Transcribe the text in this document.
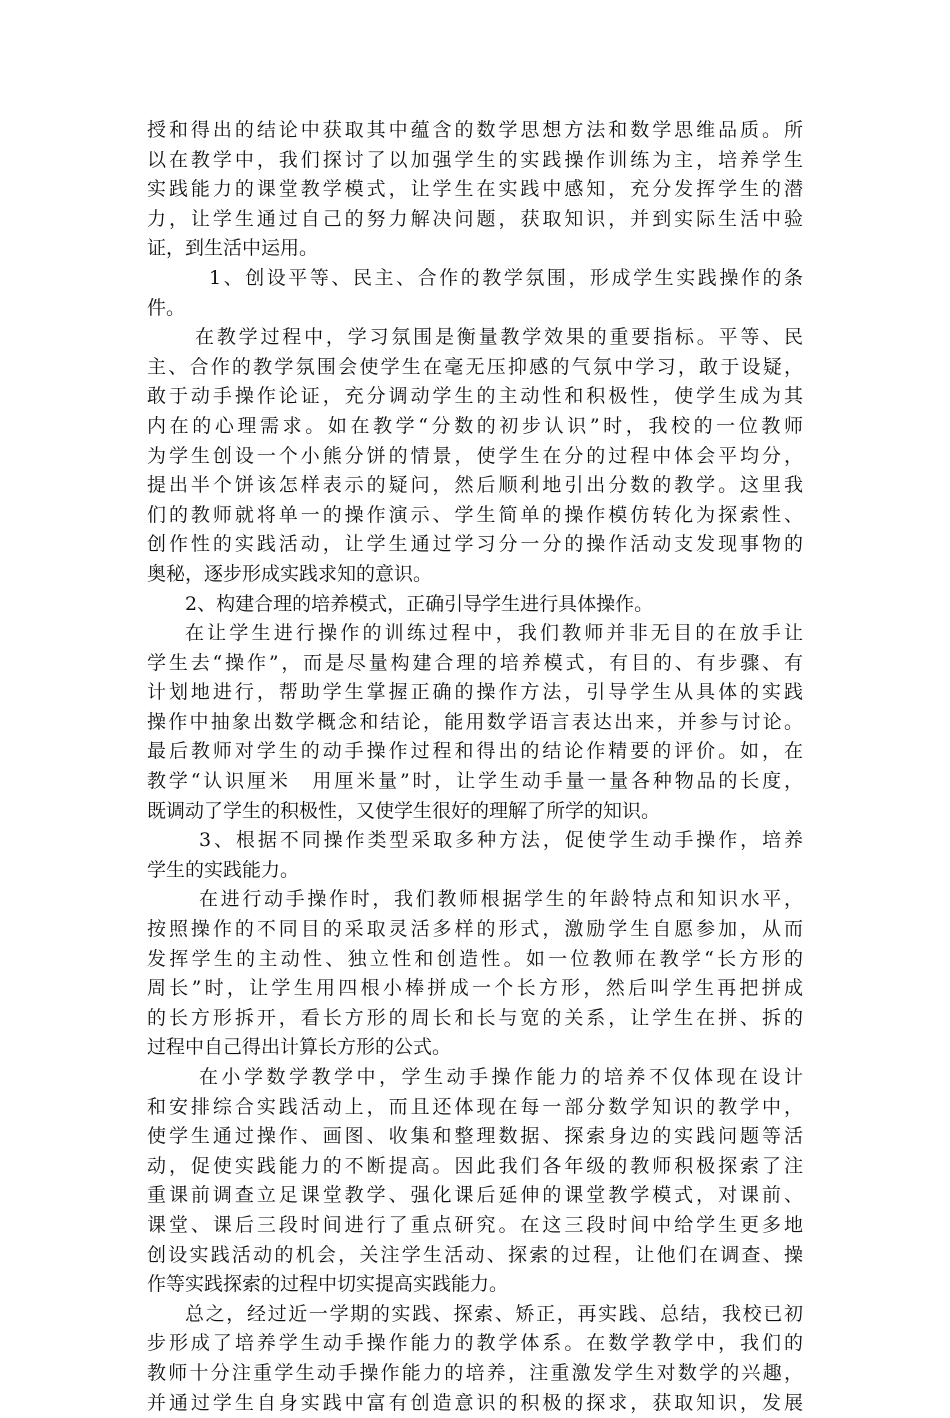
授和得出的结论中获取其中蕴含的数学思想方法和数学思维品质。所
以在教学中，我们探讨了以加强学生的实践操作训练为主，培养学生
实践能力的课堂教学模式，让学生在实践中感知，充分发挥学生的潜
力，让学生通过自己的努力解决问题，获取知识，并到实际生活中验
证，到生活中运用。
1、创设平等、民主、合作的教学氛围，形成学生实践操作的条
件。
在教学过程中，学习氛围是衡量教学效果的重要指标。平等、民
主、合作的教学氛围会使学生在毫无压抑感的气氛中学习，敢于设疑，
敢于动手操作论证，充分调动学生的主动性和积极性，使学生成为其
内在的心理需求。如在教学“分数的初步认识”时，我校的一位教师
为学生创设一个小熊分饼的情景，使学生在分的过程中体会平均分，
提出半个饼该怎样表示的疑问，然后顺利地引出分数的教学。这里我
们的教师就将单一的操作演示、学生简单的操作模仿转化为探索性、
创作性的实践活动，让学生通过学习分一分的操作活动支发现事物的
奥秘，逐步形成实践求知的意识。
2、构建合理的培养模式，正确引导学生进行具体操作。
在让学生进行操作的训练过程中，我们教师并非无目的在放手让
学生去“操作”，而是尽量构建合理的培养模式，有目的、有步骤、有
计划地进行，帮助学生掌握正确的操作方法，引导学生从具体的实践
操作中抽象出数学概念和结论，能用数学语言表达出来，并参与讨论。
最后教师对学生的动手操作过程和得出的结论作精要的评价。如，在
教学“认识厘米　用厘米量”时，让学生动手量一量各种物品的长度，
既调动了学生的积极性，又使学生很好的理解了所学的知识。
3、根据不同操作类型采取多种方法，促使学生动手操作，培养
学生的实践能力。
在进行动手操作时，我们教师根据学生的年龄特点和知识水平，
按照操作的不同目的采取灵活多样的形式，激励学生自愿参加，从而
发挥学生的主动性、独立性和创造性。如一位教师在教学“长方形的
周长”时，让学生用四根小棒拼成一个长方形，然后叫学生再把拼成
的长方形拆开，看长方形的周长和长与宽的关系，让学生在拼、拆的
过程中自己得出计算长方形的公式。
在小学数学教学中，学生动手操作能力的培养不仅体现在设计
和安排综合实践活动上，而且还体现在每一部分数学知识的教学中，
使学生通过操作、画图、收集和整理数据、探索身边的实践问题等活
动，促使实践能力的不断提高。因此我们各年级的教师积极探索了注
重课前调查立足课堂教学、强化课后延伸的课堂教学模式，对课前、
课堂、课后三段时间进行了重点研究。在这三段时间中给学生更多地
创设实践活动的机会，关注学生活动、探索的过程，让他们在调查、操
作等实践探索的过程中切实提高实践能力。
总之，经过近一学期的实践、探索、矫正，再实践、总结，我校已初
步形成了培养学生动手操作能力的教学体系。在数学教学中，我们的
教师十分注重学生动手操作能力的培养，注重激发学生对数学的兴趣，
并通过学生自身实践中富有创造意识的积极的探求，获取知识，发展
